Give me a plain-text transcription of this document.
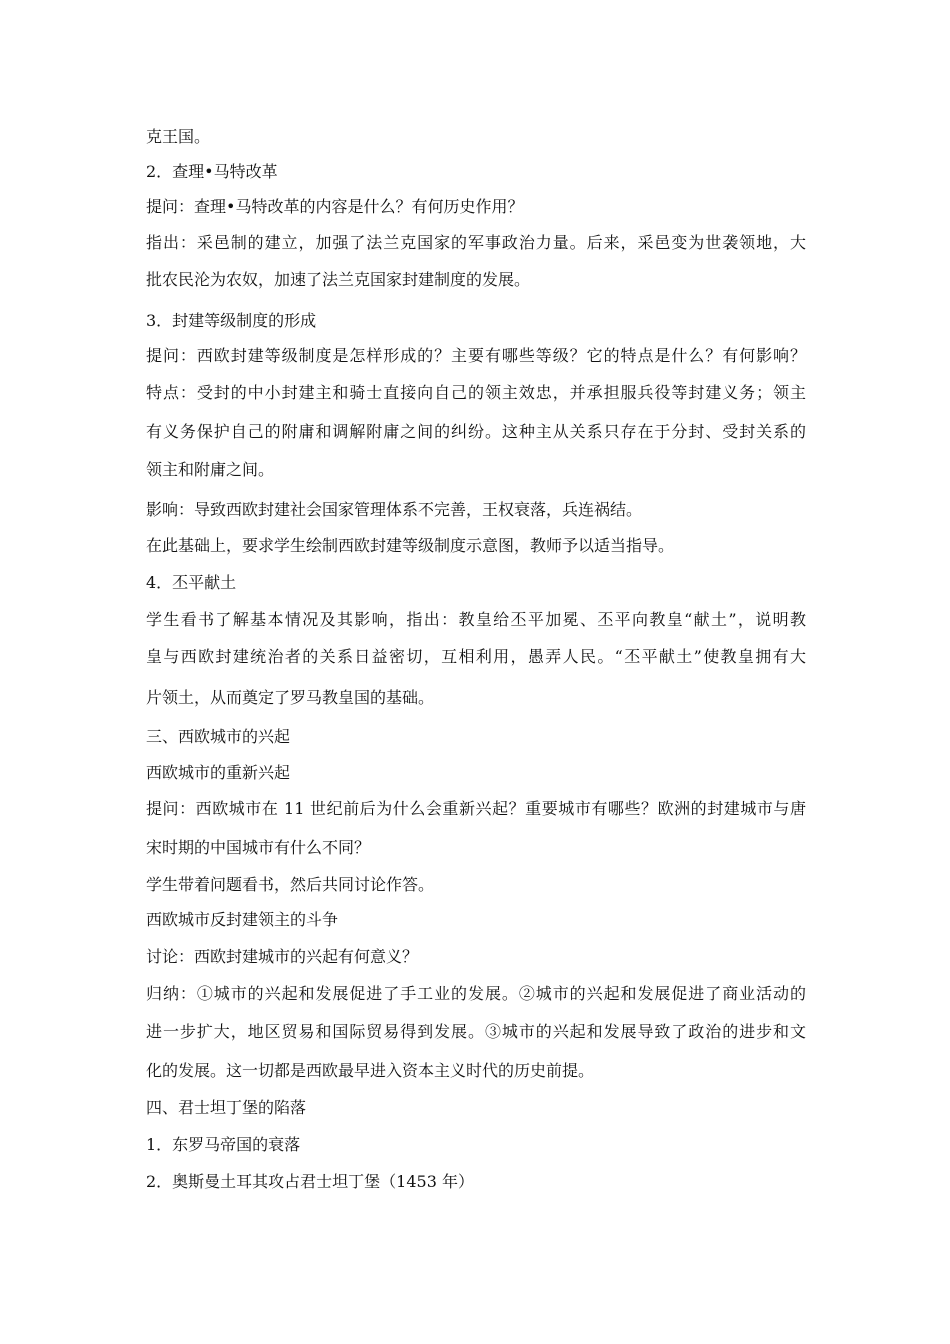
克王国。
2．查理•马特改革
提问：查理•马特改革的内容是什么？有何历史作用？
指出：采邑制的建立，加强了法兰克国家的军事政治力量。后来，采邑变为世袭领地，大
批农民沦为农奴，加速了法兰克国家封建制度的发展。
3．封建等级制度的形成
提问：西欧封建等级制度是怎样形成的？主要有哪些等级？它的特点是什么？有何影响？
特点：受封的中小封建主和骑士直接向自己的领主效忠，并承担服兵役等封建义务；领主
有义务保护自己的附庸和调解附庸之间的纠纷。这种主从关系只存在于分封、受封关系的
领主和附庸之间。
影响：导致西欧封建社会国家管理体系不完善，王权衰落，兵连祸结。
在此基础上，要求学生绘制西欧封建等级制度示意图，教师予以适当指导。
4．丕平献土
学生看书了解基本情况及其影响，指出：教皇给丕平加冕、丕平向教皇“献土”，说明教
皇与西欧封建统治者的关系日益密切，互相利用，愚弄人民。“丕平献土”使教皇拥有大
片领土，从而奠定了罗马教皇国的基础。
三、西欧城市的兴起
西欧城市的重新兴起
提问：西欧城市在 11 世纪前后为什么会重新兴起？重要城市有哪些？欧洲的封建城市与唐
宋时期的中国城市有什么不同？
学生带着问题看书，然后共同讨论作答。
西欧城市反封建领主的斗争
讨论：西欧封建城市的兴起有何意义？
归纳：①城市的兴起和发展促进了手工业的发展。②城市的兴起和发展促进了商业活动的
进一步扩大，地区贸易和国际贸易得到发展。③城市的兴起和发展导致了政治的进步和文
化的发展。这一切都是西欧最早进入资本主义时代的历史前提。
四、君士坦丁堡的陷落
1．东罗马帝国的衰落
2．奥斯曼土耳其攻占君士坦丁堡（1453 年）
